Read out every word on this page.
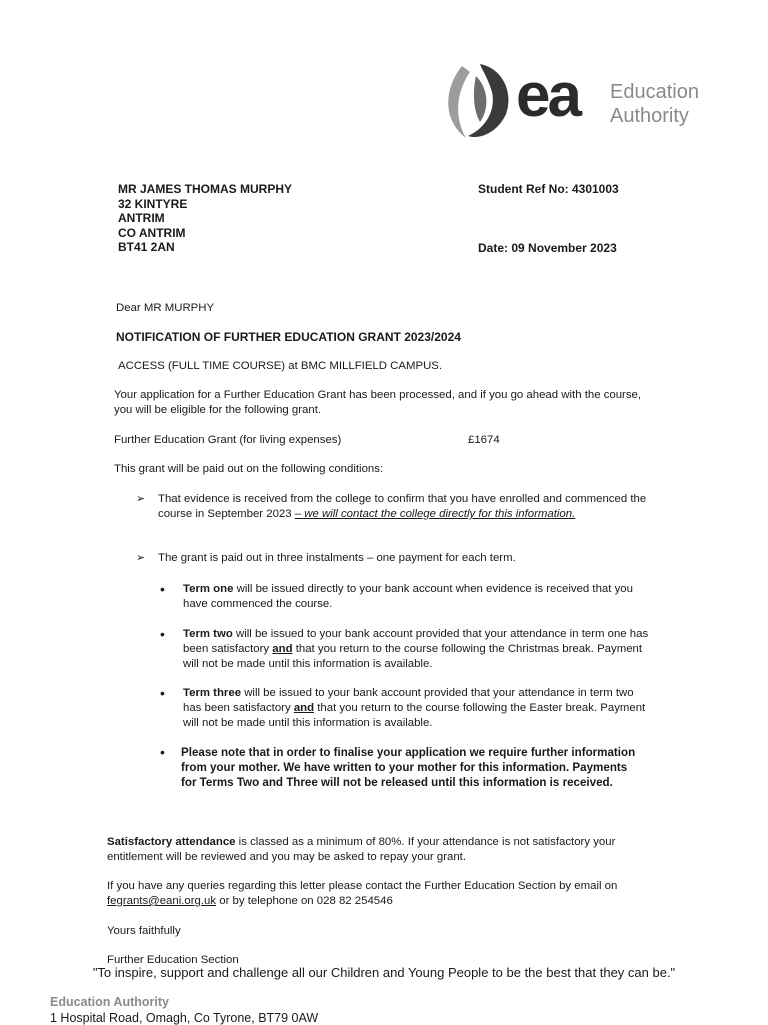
ea Education
Authority
MR JAMES THOMAS MURPHY
32 KINTYRE
ANTRIM
CO ANTRIM
BT41 2AN
Student Ref No: 4301003
Date: 09 November 2023
Dear MR MURPHY
NOTIFICATION OF FURTHER EDUCATION GRANT 2023/2024
ACCESS (FULL TIME COURSE) at BMC MILLFIELD CAMPUS.
Your application for a Further Education Grant has been processed, and if you go ahead with the course, you will be eligible for the following grant.
Further Education Grant (for living expenses)	£1674
This grant will be paid out on the following conditions:
➢ That evidence is received from the college to confirm that you have enrolled and commenced the course in September 2023 – we will contact the college directly for this information.
➢ The grant is paid out in three instalments – one payment for each term.
• Term one will be issued directly to your bank account when evidence is received that you have commenced the course.
• Term two will be issued to your bank account provided that your attendance in term one has been satisfactory and that you return to the course following the Christmas break. Payment will not be made until this information is available.
• Term three will be issued to your bank account provided that your attendance in term two has been satisfactory and that you return to the course following the Easter break. Payment will not be made until this information is available.
• Please note that in order to finalise your application we require further information from your mother. We have written to your mother for this information. Payments for Terms Two and Three will not be released until this information is received.
Satisfactory attendance is classed as a minimum of 80%. If your attendance is not satisfactory your entitlement will be reviewed and you may be asked to repay your grant.
If you have any queries regarding this letter please contact the Further Education Section by email on fegrants@eani.org.uk or by telephone on 028 82 254546
Yours faithfully
Further Education Section
"To inspire, support and challenge all our Children and Young People to be the best that they can be."
Education Authority
1 Hospital Road, Omagh, Co Tyrone, BT79 0AW
